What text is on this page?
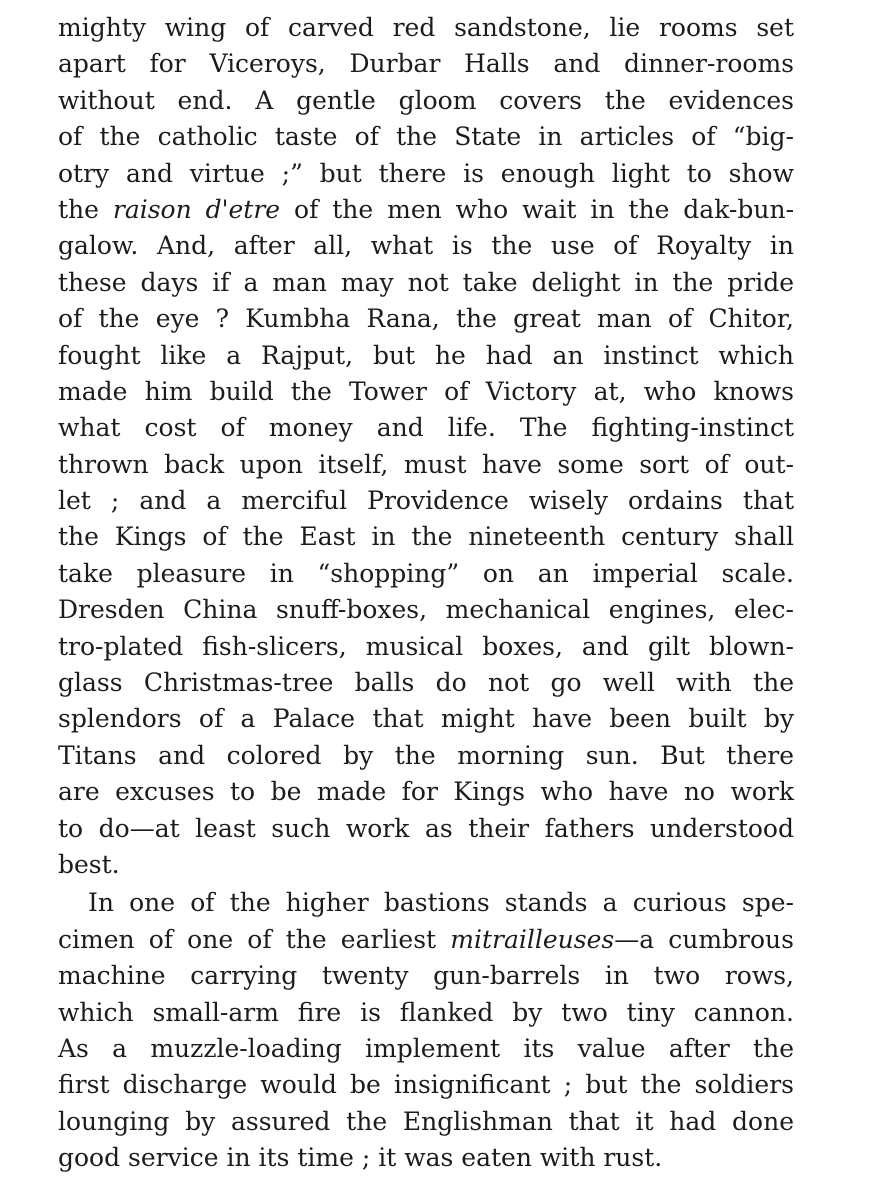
mighty wing of carved red sandstone, lie rooms set
apart for Viceroys, Durbar Halls and dinner-rooms
without end. A gentle gloom covers the evidences
of the catholic taste of the State in articles of “big-
otry and virtue ;” but there is enough light to show
the raison d'etre of the men who wait in the dak-bun-
galow. And, after all, what is the use of Royalty in
these days if a man may not take delight in the pride
of the eye ? Kumbha Rana, the great man of Chitor,
fought like a Rajput, but he had an instinct which
made him build the Tower of Victory at, who knows
what cost of money and life. The fighting-instinct
thrown back upon itself, must have some sort of out-
let ; and a merciful Providence wisely ordains that
the Kings of the East in the nineteenth century shall
take pleasure in “shopping” on an imperial scale.
Dresden China snuff-boxes, mechanical engines, elec-
tro-plated fish-slicers, musical boxes, and gilt blown-
glass Christmas-tree balls do not go well with the
splendors of a Palace that might have been built by
Titans and colored by the morning sun. But there
are excuses to be made for Kings who have no work
to do—at least such work as their fathers understood
best.
In one of the higher bastions stands a curious spe-
cimen of one of the earliest mitrailleuses—a cumbrous
machine carrying twenty gun-barrels in two rows,
which small-arm fire is flanked by two tiny cannon.
As a muzzle-loading implement its value after the
first discharge would be insignificant ; but the soldiers
lounging by assured the Englishman that it had done
good service in its time ; it was eaten with rust.
